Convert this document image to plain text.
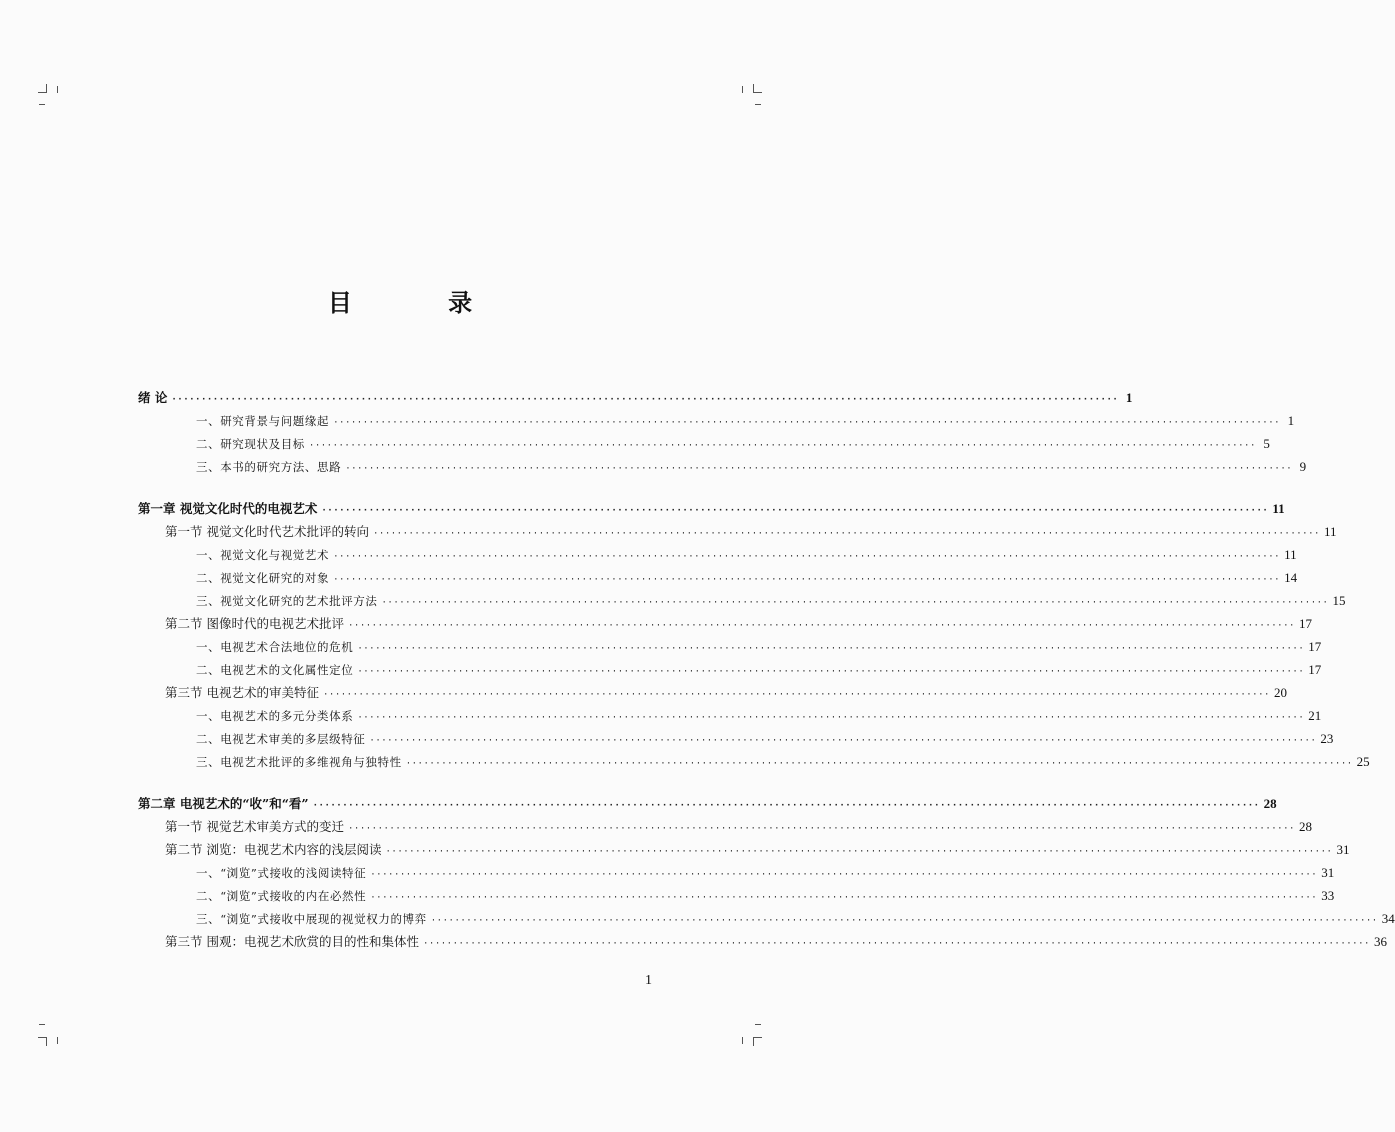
目 录
绪 论 ································································································································································ 1
一、研究背景与问题缘起 ································································································································································ 1
二、研究现状及目标 ································································································································································ 5
三、本书的研究方法、思路 ································································································································································ 9
第一章 视觉文化时代的电视艺术 ································································································································································ 11
第一节 视觉文化时代艺术批评的转向 ································································································································································ 11
一、视觉文化与视觉艺术 ································································································································································ 11
二、视觉文化研究的对象 ································································································································································ 14
三、视觉文化研究的艺术批评方法 ································································································································································ 15
第二节 图像时代的电视艺术批评 ································································································································································ 17
一、电视艺术合法地位的危机 ································································································································································ 17
二、电视艺术的文化属性定位 ································································································································································ 17
第三节 电视艺术的审美特征 ································································································································································ 20
一、电视艺术的多元分类体系 ································································································································································ 21
二、电视艺术审美的多层级特征 ································································································································································ 23
三、电视艺术批评的多维视角与独特性 ································································································································································ 25
第二章 电视艺术的“收”和“看” ································································································································································ 28
第一节 视觉艺术审美方式的变迁 ································································································································································ 28
第二节 浏览：电视艺术内容的浅层阅读 ································································································································································ 31
一、“浏览”式接收的浅阅读特征 ································································································································································ 31
二、“浏览”式接收的内在必然性 ································································································································································ 33
三、“浏览”式接收中展现的视觉权力的博弈 ································································································································································ 34
第三节 围观：电视艺术欣赏的目的性和集体性 ································································································································································ 36
1
